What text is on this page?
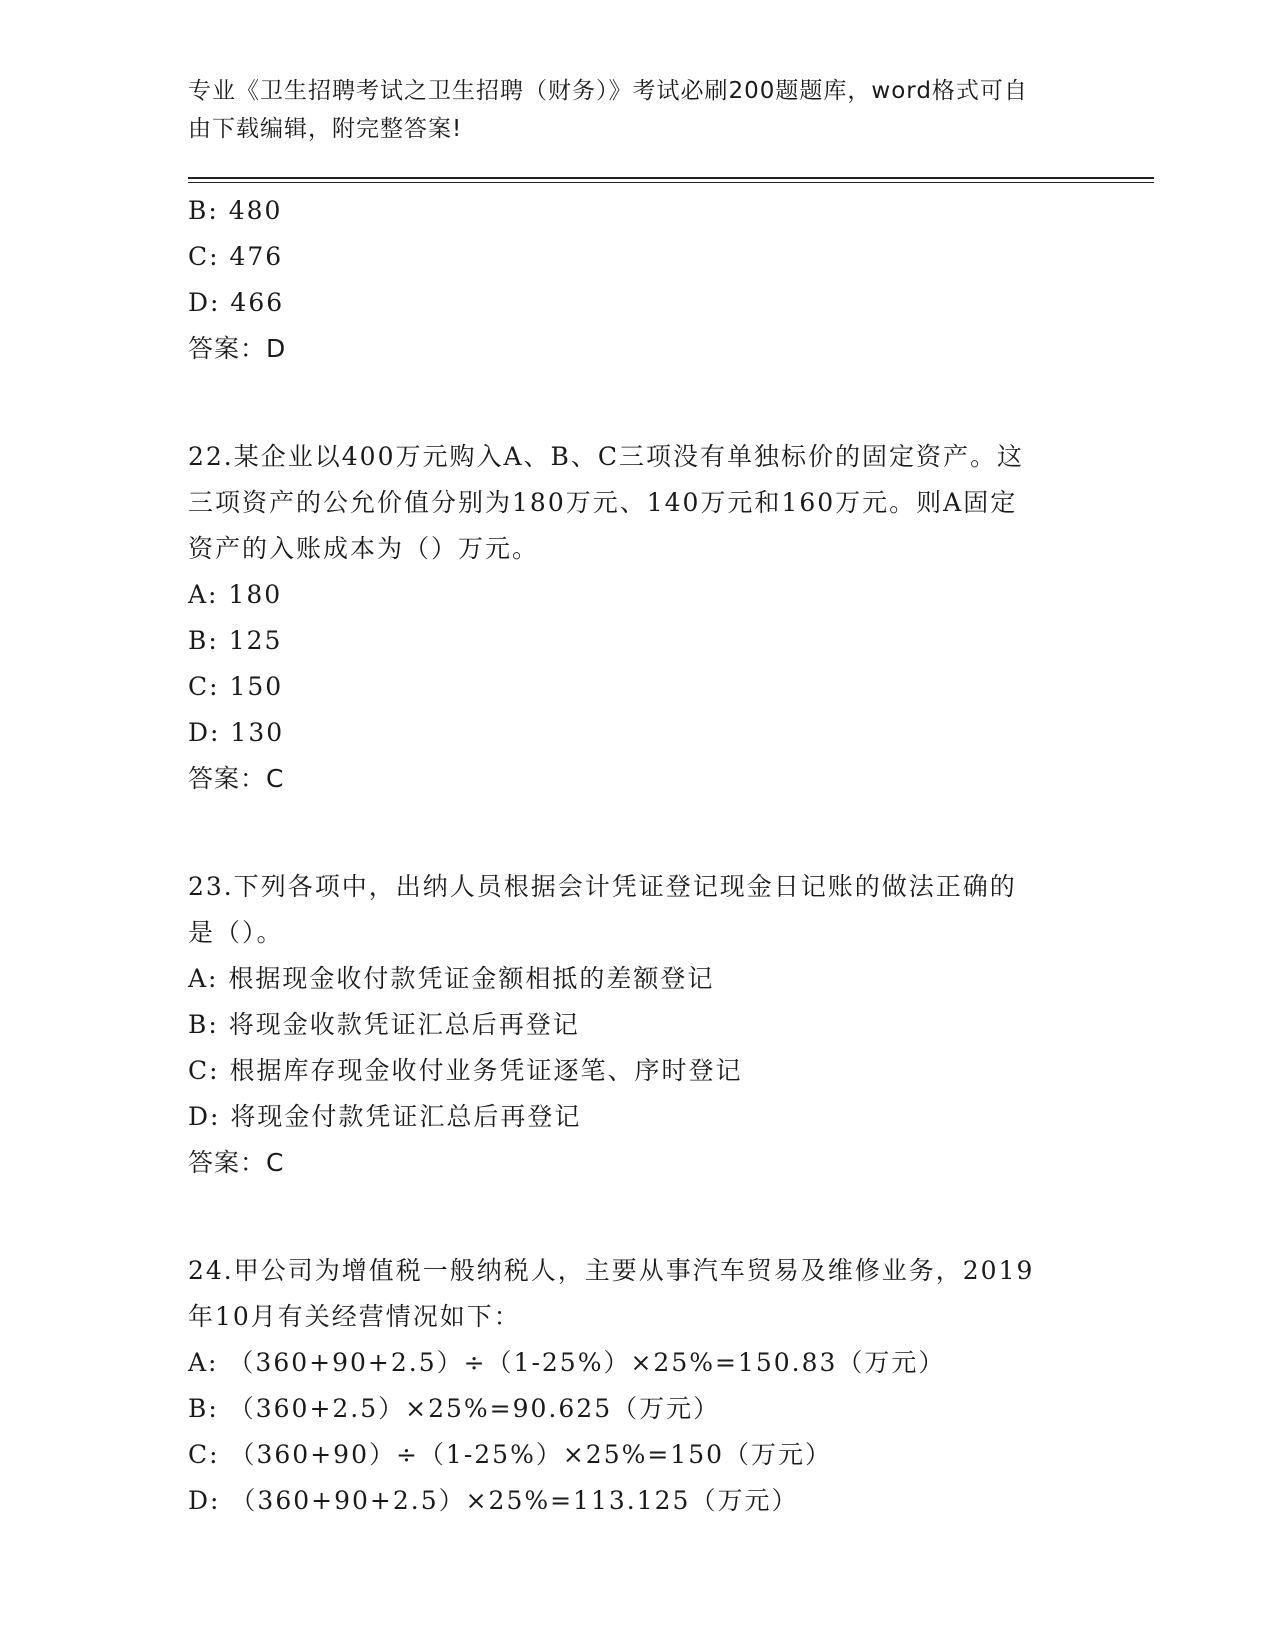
专业《卫生招聘考试之卫生招聘（财务）》考试必刷200题题库，word格式可自
由下载编辑，附完整答案!
B: 480
C: 476
D: 466
答案：D
22.某企业以400万元购入A、B、C三项没有单独标价的固定资产。这
三项资产的公允价值分别为180万元、140万元和160万元。则A固定
资产的入账成本为（）万元。
A: 180
B: 125
C: 150
D: 130
答案：C
23.下列各项中，出纳人员根据会计凭证登记现金日记账的做法正确的
是（）。
A: 根据现金收付款凭证金额相抵的差额登记
B: 将现金收款凭证汇总后再登记
C: 根据库存现金收付业务凭证逐笔、序时登记
D: 将现金付款凭证汇总后再登记
答案：C
24.甲公司为增值税一般纳税人，主要从事汽车贸易及维修业务，2019
年10月有关经营情况如下：
A: （360+90+2.5）÷（1-25%）×25%=150.83（万元）
B: （360+2.5）×25%=90.625（万元）
C: （360+90）÷（1-25%）×25%=150（万元）
D: （360+90+2.5）×25%=113.125（万元）
